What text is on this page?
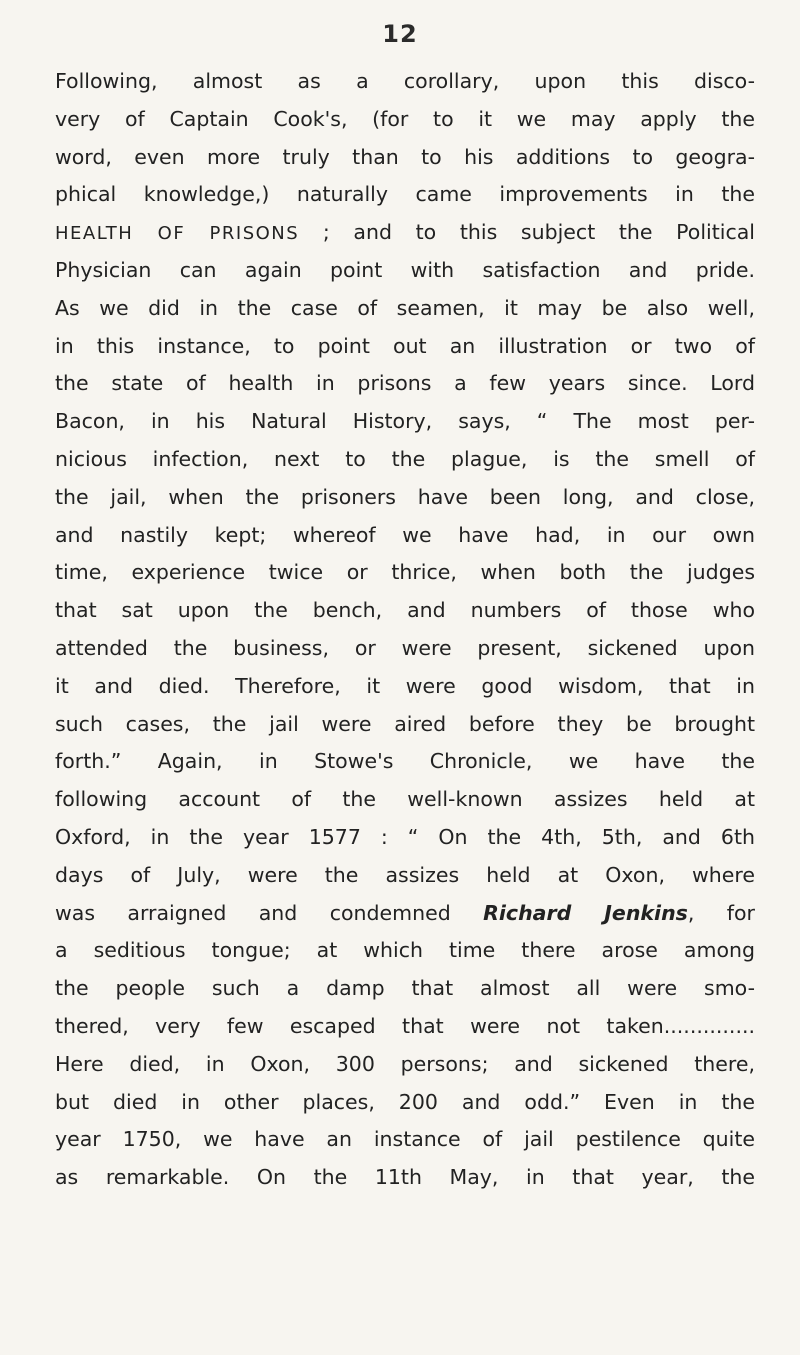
12
Following, almost as a corollary, upon this disco-
very of Captain Cook's, (for to it we may apply the
word, even more truly than to his additions to geogra-
phical knowledge,) naturally came improvements in the
HEALTH OF PRISONS ; and to this subject the Political
Physician can again point with satisfaction and pride.
As we did in the case of seamen, it may be also well,
in this instance, to point out an illustration or two of
the state of health in prisons a few years since. Lord
Bacon, in his Natural History, says, “ The most per-
nicious infection, next to the plague, is the smell of
the jail, when the prisoners have been long, and close,
and nastily kept; whereof we have had, in our own
time, experience twice or thrice, when both the judges
that sat upon the bench, and numbers of those who
attended the business, or were present, sickened upon
it and died. Therefore, it were good wisdom, that in
such cases, the jail were aired before they be brought
forth.” Again, in Stowe's Chronicle, we have the
following account of the well-known assizes held at
Oxford, in the year 1577 : “ On the 4th, 5th, and 6th
days of July, were the assizes held at Oxon, where
was arraigned and condemned Richard Jenkins, for
a seditious tongue; at which time there arose among
the people such a damp that almost all were smo-
thered, very few escaped that were not taken..............
Here died, in Oxon, 300 persons; and sickened there,
but died in other places, 200 and odd.” Even in the
year 1750, we have an instance of jail pestilence quite
as remarkable. On the 11th May, in that year, the
